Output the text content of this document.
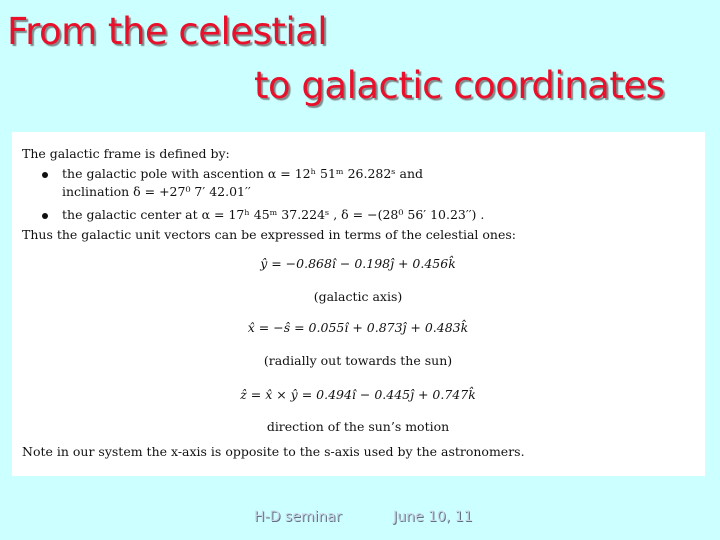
From the celestial
to galactic coordinates
The galactic frame is defined by:
the galactic pole with ascention α = 12ʰ 51ᵐ 26.282ˢ and
inclination δ = +27⁰ 7′ 42.01′′
the galactic center at α = 17ʰ 45ᵐ 37.224ˢ , δ = −(28⁰ 56′ 10.23′′) .
Thus the galactic unit vectors can be expressed in terms of the celestial ones:
ŷ = −0.868î − 0.198ĵ + 0.456k̂
(galactic axis)
x̂ = −ŝ = 0.055î + 0.873ĵ + 0.483k̂
(radially out towards the sun)
ẑ = x̂ × ŷ = 0.494î − 0.445ĵ + 0.747k̂
direction of the sun’s motion
Note in our system the x-axis is opposite to the s-axis used by the astronomers.
H-D seminar	June 10, 11
